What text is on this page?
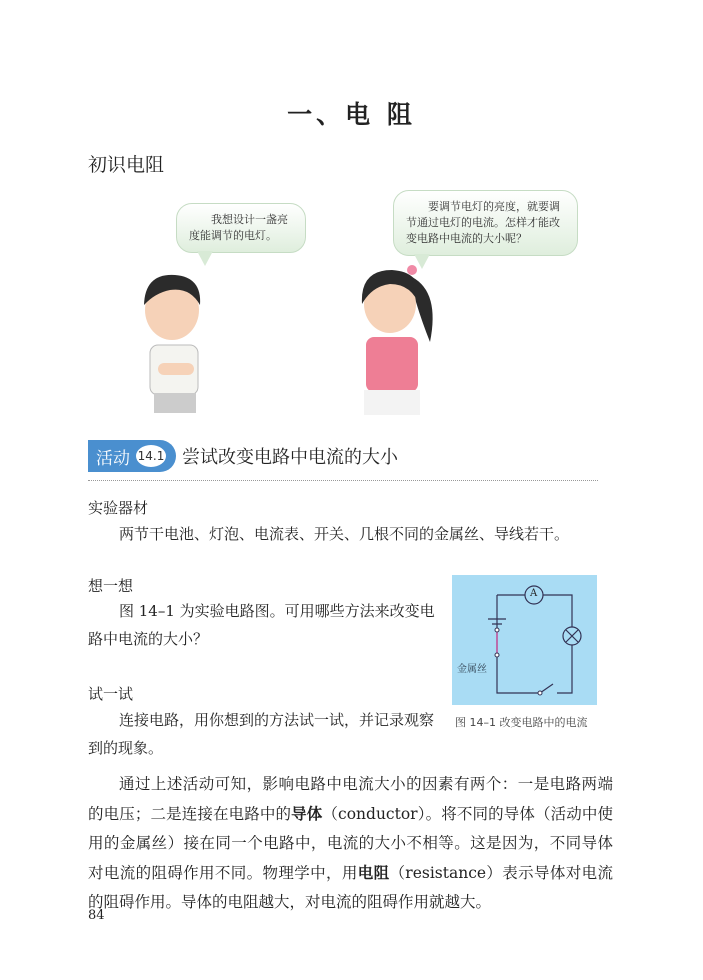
一、电 阻
初识电阻
我想设计一盏亮度能调节的电灯。
要调节电灯的亮度，就要调节通过电灯的电流。怎样才能改变电路中电流的大小呢？
活动 14.1 尝试改变电路中电流的大小
实验器材
两节干电池、灯泡、电流表、开关、几根不同的金属丝、导线若干。
想一想
图 14–1 为实验电路图。可用哪些方法来改变电路中电流的大小？
试一试
连接电路，用你想到的方法试一试，并记录观察到的现象。
A
金属丝
图 14–1 改变电路中的电流
通过上述活动可知，影响电路中电流大小的因素有两个：一是电路两端的电压；二是连接在电路中的导体（conductor）。将不同的导体（活动中使用的金属丝）接在同一个电路中，电流的大小不相等。这是因为，不同导体对电流的阻碍作用不同。物理学中，用电阻（resistance）表示导体对电流的阻碍作用。导体的电阻越大，对电流的阻碍作用就越大。
84
